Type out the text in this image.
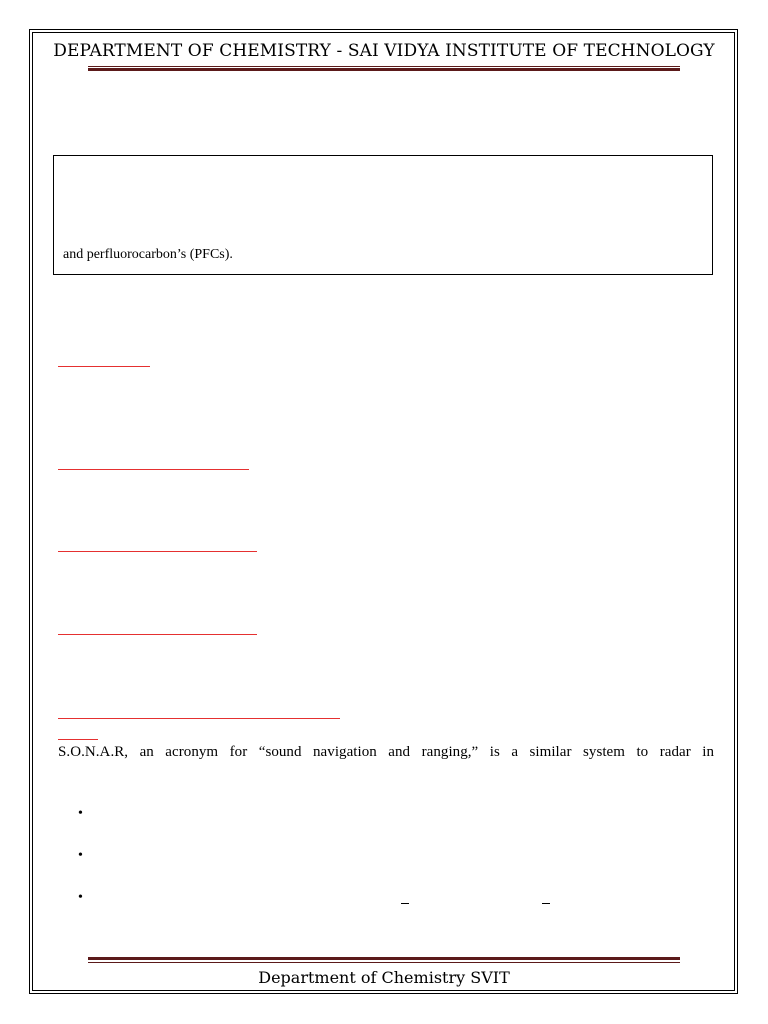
DEPARTMENT OF CHEMISTRY - SAI VIDYA INSTITUTE OF TECHNOLOGY
and perfluorocarbon’s (PFCs).
S.O.N.A.R, an acronym for “sound navigation and ranging,” is a similar system to radar in
•
•
•
Department of Chemistry SVIT
